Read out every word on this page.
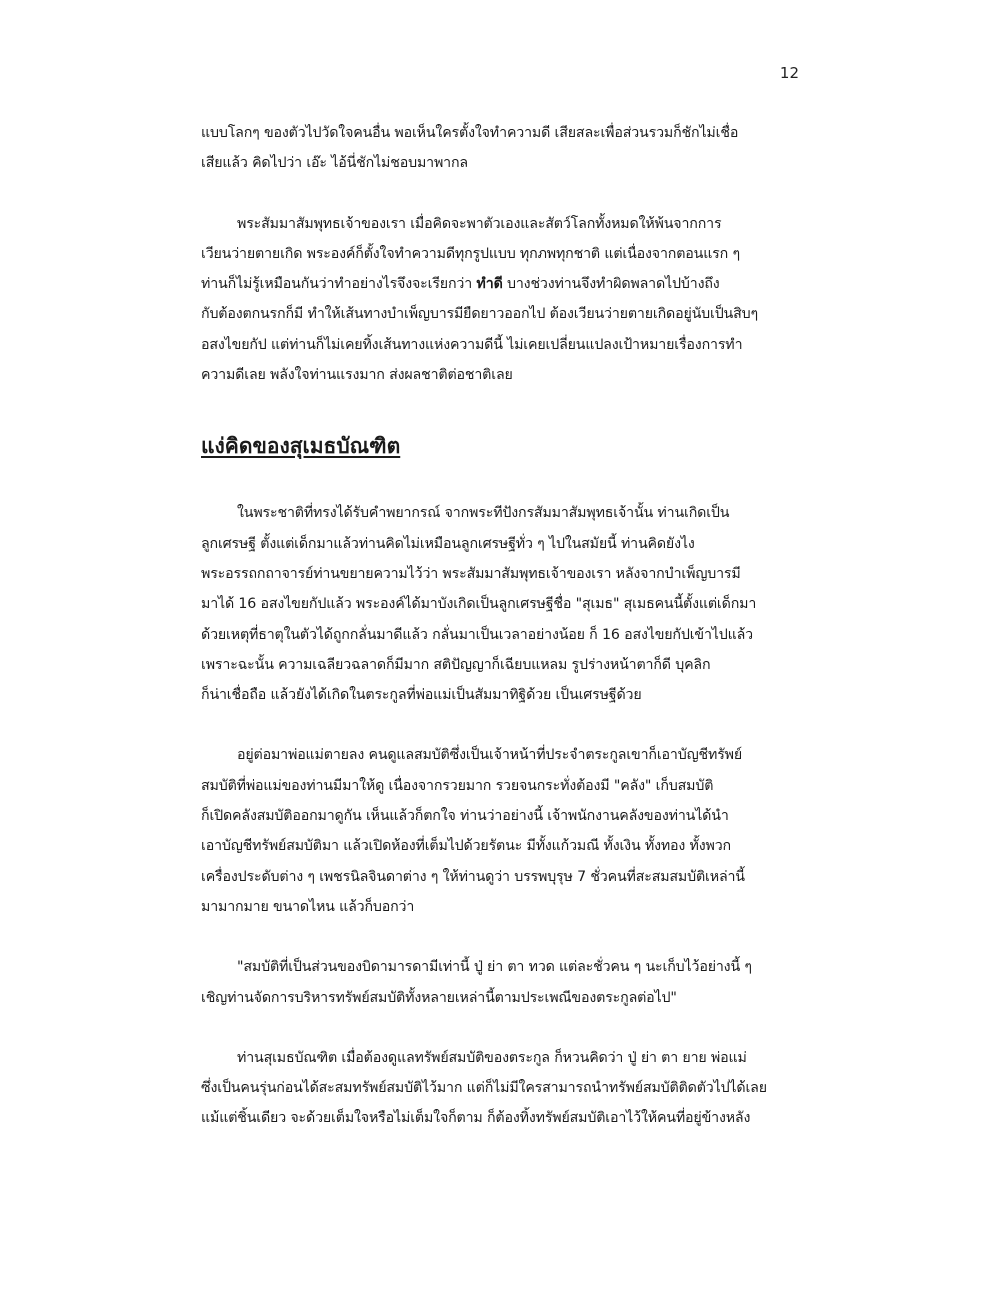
12

แบบโลกๆ ของตัวไปวัดใจคนอื่น พอเห็นใครตั้งใจทำความดี เสียสละเพื่อส่วนรวมก็ชักไม่เชื่อ
เสียแล้ว คิดไปว่า เอ๊ะ ไอ้นี่ชักไม่ชอบมาพากล

พระสัมมาสัมพุทธเจ้าของเรา เมื่อคิดจะพาตัวเองและสัตว์โลกทั้งหมดให้พ้นจากการ
เวียนว่ายตายเกิด พระองค์ก็ตั้งใจทำความดีทุกรูปแบบ ทุกภพทุกชาติ แต่เนื่องจากตอนแรก ๆ
ท่านก็ไม่รู้เหมือนกันว่าทำอย่างไรจึงจะเรียกว่า ทำดี บางช่วงท่านจึงทำผิดพลาดไปบ้างถึง
กับต้องตกนรกก็มี ทำให้เส้นทางบำเพ็ญบารมียืดยาวออกไป ต้องเวียนว่ายตายเกิดอยู่นับเป็นสิบๆ
อสงไขยกัป แต่ท่านก็ไม่เคยทิ้งเส้นทางแห่งความดีนี้ ไม่เคยเปลี่ยนแปลงเป้าหมายเรื่องการทำ
ความดีเลย พลังใจท่านแรงมาก ส่งผลชาติต่อชาติเลย

แง่คิดของสุเมธบัณฑิต

ในพระชาติที่ทรงได้รับคำพยากรณ์ จากพระทีปังกรสัมมาสัมพุทธเจ้านั้น ท่านเกิดเป็น
ลูกเศรษฐี ตั้งแต่เด็กมาแล้วท่านคิดไม่เหมือนลูกเศรษฐีทั่ว ๆ ไปในสมัยนี้ ท่านคิดยังไง
พระอรรถกถาจารย์ท่านขยายความไว้ว่า พระสัมมาสัมพุทธเจ้าของเรา หลังจากบำเพ็ญบารมี
มาได้ 16 อสงไขยกัปแล้ว พระองค์ได้มาบังเกิดเป็นลูกเศรษฐีชื่อ "สุเมธ" สุเมธคนนี้ตั้งแต่เด็กมา
ด้วยเหตุที่ธาตุในตัวได้ถูกกลั่นมาดีแล้ว กลั่นมาเป็นเวลาอย่างน้อย ก็ 16 อสงไขยกัปเข้าไปแล้ว
เพราะฉะนั้น ความเฉลียวฉลาดก็มีมาก สติปัญญาก็เฉียบแหลม รูปร่างหน้าตาก็ดี บุคลิก
ก็น่าเชื่อถือ แล้วยังได้เกิดในตระกูลที่พ่อแม่เป็นสัมมาทิฐิด้วย เป็นเศรษฐีด้วย

อยู่ต่อมาพ่อแม่ตายลง คนดูแลสมบัติซึ่งเป็นเจ้าหน้าที่ประจำตระกูลเขาก็เอาบัญชีทรัพย์
สมบัติที่พ่อแม่ของท่านมีมาให้ดู เนื่องจากรวยมาก รวยจนกระทั่งต้องมี "คลัง" เก็บสมบัติ
ก็เปิดคลังสมบัติออกมาดูกัน เห็นแล้วก็ตกใจ ท่านว่าอย่างนี้ เจ้าพนักงานคลังของท่านได้นำ
เอาบัญชีทรัพย์สมบัติมา แล้วเปิดห้องที่เต็มไปด้วยรัตนะ มีทั้งแก้วมณี ทั้งเงิน ทั้งทอง ทั้งพวก
เครื่องประดับต่าง ๆ เพชรนิลจินดาต่าง ๆ ให้ท่านดูว่า บรรพบุรุษ 7 ชั่วคนที่สะสมสมบัติเหล่านี้
มามากมาย ขนาดไหน แล้วก็บอกว่า

"สมบัติที่เป็นส่วนของบิดามารดามีเท่านี้ ปู่ ย่า ตา ทวด แต่ละชั่วคน ๆ นะเก็บไว้อย่างนี้ ๆ
เชิญท่านจัดการบริหารทรัพย์สมบัติทั้งหลายเหล่านี้ตามประเพณีของตระกูลต่อไป"

ท่านสุเมธบัณฑิต เมื่อต้องดูแลทรัพย์สมบัติของตระกูล ก็หวนคิดว่า ปู่ ย่า ตา ยาย พ่อแม่
ซึ่งเป็นคนรุ่นก่อนได้สะสมทรัพย์สมบัติไว้มาก แต่ก็ไม่มีใครสามารถนำทรัพย์สมบัติติดตัวไปได้เลย
แม้แต่ชิ้นเดียว จะด้วยเต็มใจหรือไม่เต็มใจก็ตาม ก็ต้องทิ้งทรัพย์สมบัติเอาไว้ให้คนที่อยู่ข้างหลัง
